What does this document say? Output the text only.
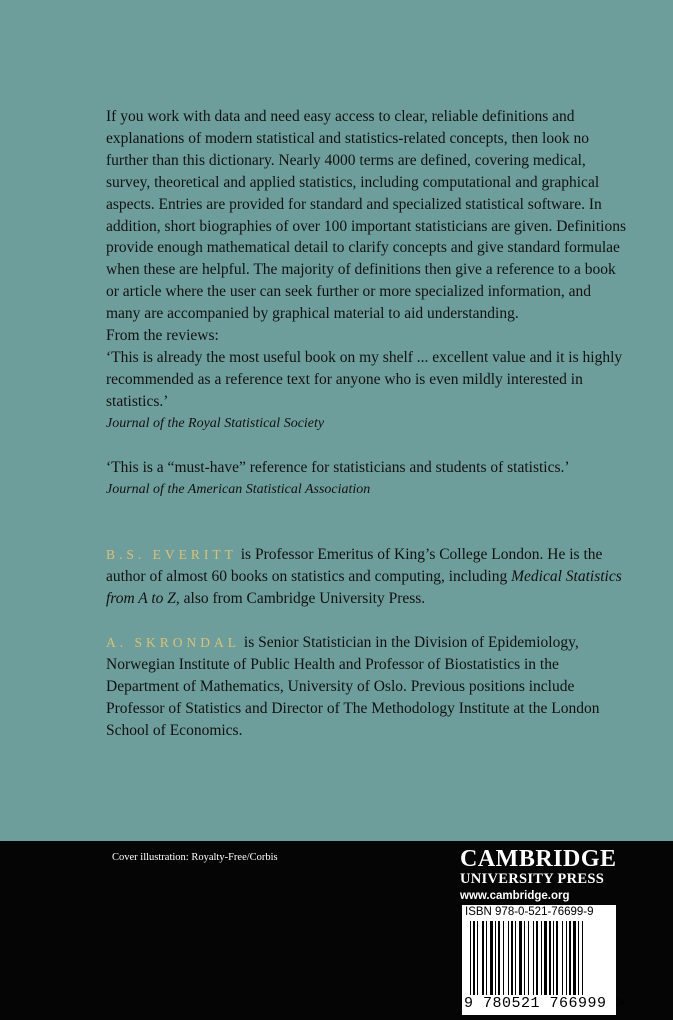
If you work with data and need easy access to clear, reliable definitions and explanations of modern statistical and statistics-related concepts, then look no further than this dictionary. Nearly 4000 terms are defined, covering medical, survey, theoretical and applied statistics, including computational and graphical aspects. Entries are provided for standard and specialized statistical software. In addition, short biographies of over 100 important statisticians are given. Definitions provide enough mathematical detail to clarify concepts and give standard formulae when these are helpful. The majority of definitions then give a reference to a book or article where the user can seek further or more specialized information, and many are accompanied by graphical material to aid understanding.

From the reviews:

‘This is already the most useful book on my shelf ... excellent value and it is highly recommended as a reference text for anyone who is even mildly interested in statistics.’

Journal of the Royal Statistical Society

‘This is a “must-have” reference for statisticians and students of statistics.’

Journal of the American Statistical Association

B.S. EVERITT is Professor Emeritus of King’s College London. He is the author of almost 60 books on statistics and computing, including Medical Statistics from A to Z, also from Cambridge University Press.

A. SKRONDAL is Senior Statistician in the Division of Epidemiology, Norwegian Institute of Public Health and Professor of Biostatistics in the Department of Mathematics, University of Oslo. Previous positions include Professor of Statistics and Director of The Methodology Institute at the London School of Economics.

Cover illustration: Royalty-Free/Corbis	CAMBRIDGE
UNIVERSITY PRESS
www.cambridge.org
ISBN 978-0-521-76699-9
9 780521 766999 >
